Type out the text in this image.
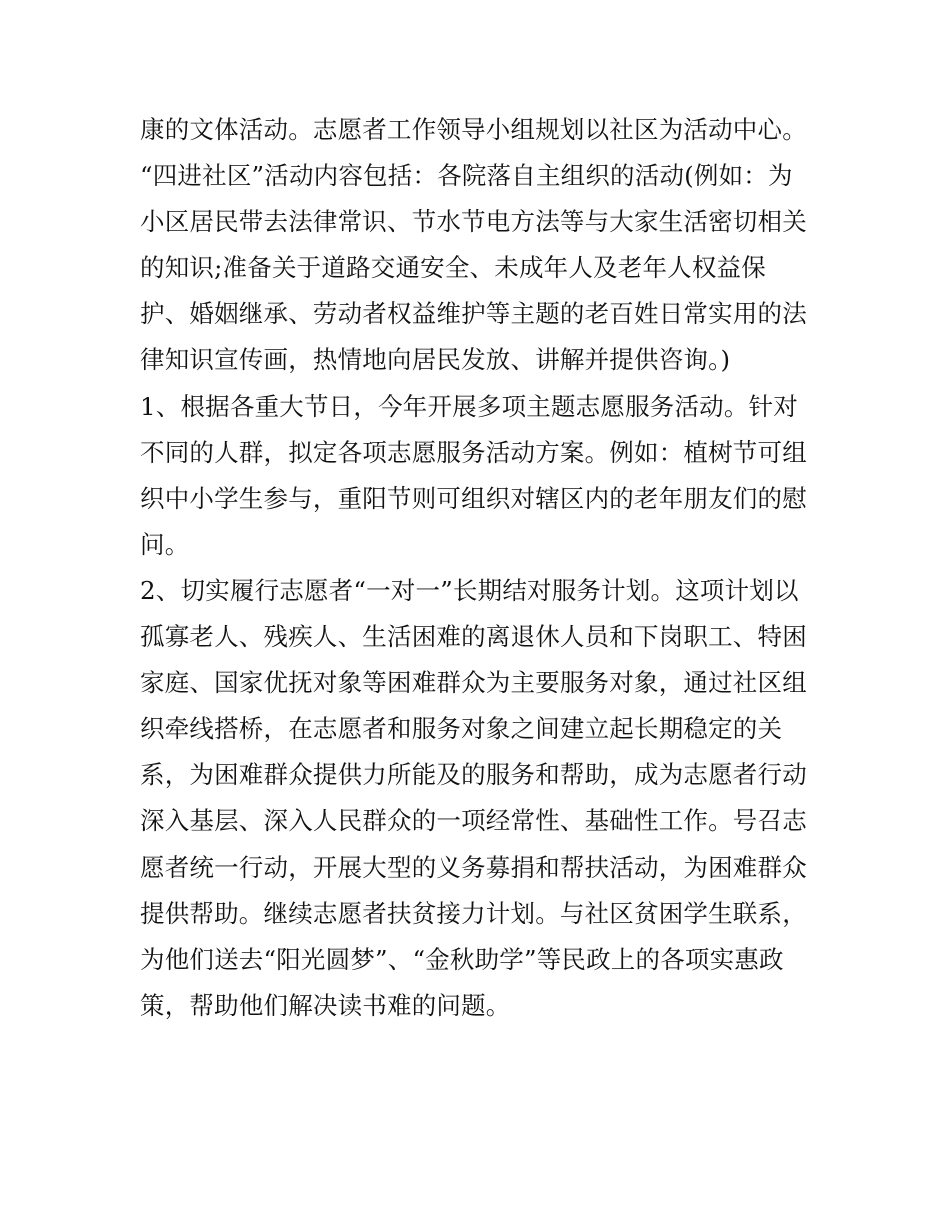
康的文体活动。志愿者工作领导小组规划以社区为活动中心。
“四进社区”活动内容包括：各院落自主组织的活动(例如：为
小区居民带去法律常识、节水节电方法等与大家生活密切相关
的知识;准备关于道路交通安全、未成年人及老年人权益保
护、婚姻继承、劳动者权益维护等主题的老百姓日常实用的法
律知识宣传画，热情地向居民发放、讲解并提供咨询。)
1、根据各重大节日，今年开展多项主题志愿服务活动。针对
不同的人群，拟定各项志愿服务活动方案。例如：植树节可组
织中小学生参与，重阳节则可组织对辖区内的老年朋友们的慰
问。
2、切实履行志愿者“一对一”长期结对服务计划。这项计划以
孤寡老人、残疾人、生活困难的离退休人员和下岗职工、特困
家庭、国家优抚对象等困难群众为主要服务对象，通过社区组
织牵线搭桥，在志愿者和服务对象之间建立起长期稳定的关
系，为困难群众提供力所能及的服务和帮助，成为志愿者行动
深入基层、深入人民群众的一项经常性、基础性工作。号召志
愿者统一行动，开展大型的义务募捐和帮扶活动，为困难群众
提供帮助。继续志愿者扶贫接力计划。与社区贫困学生联系，
为他们送去“阳光圆梦”、“金秋助学”等民政上的各项实惠政
策，帮助他们解决读书难的问题。
